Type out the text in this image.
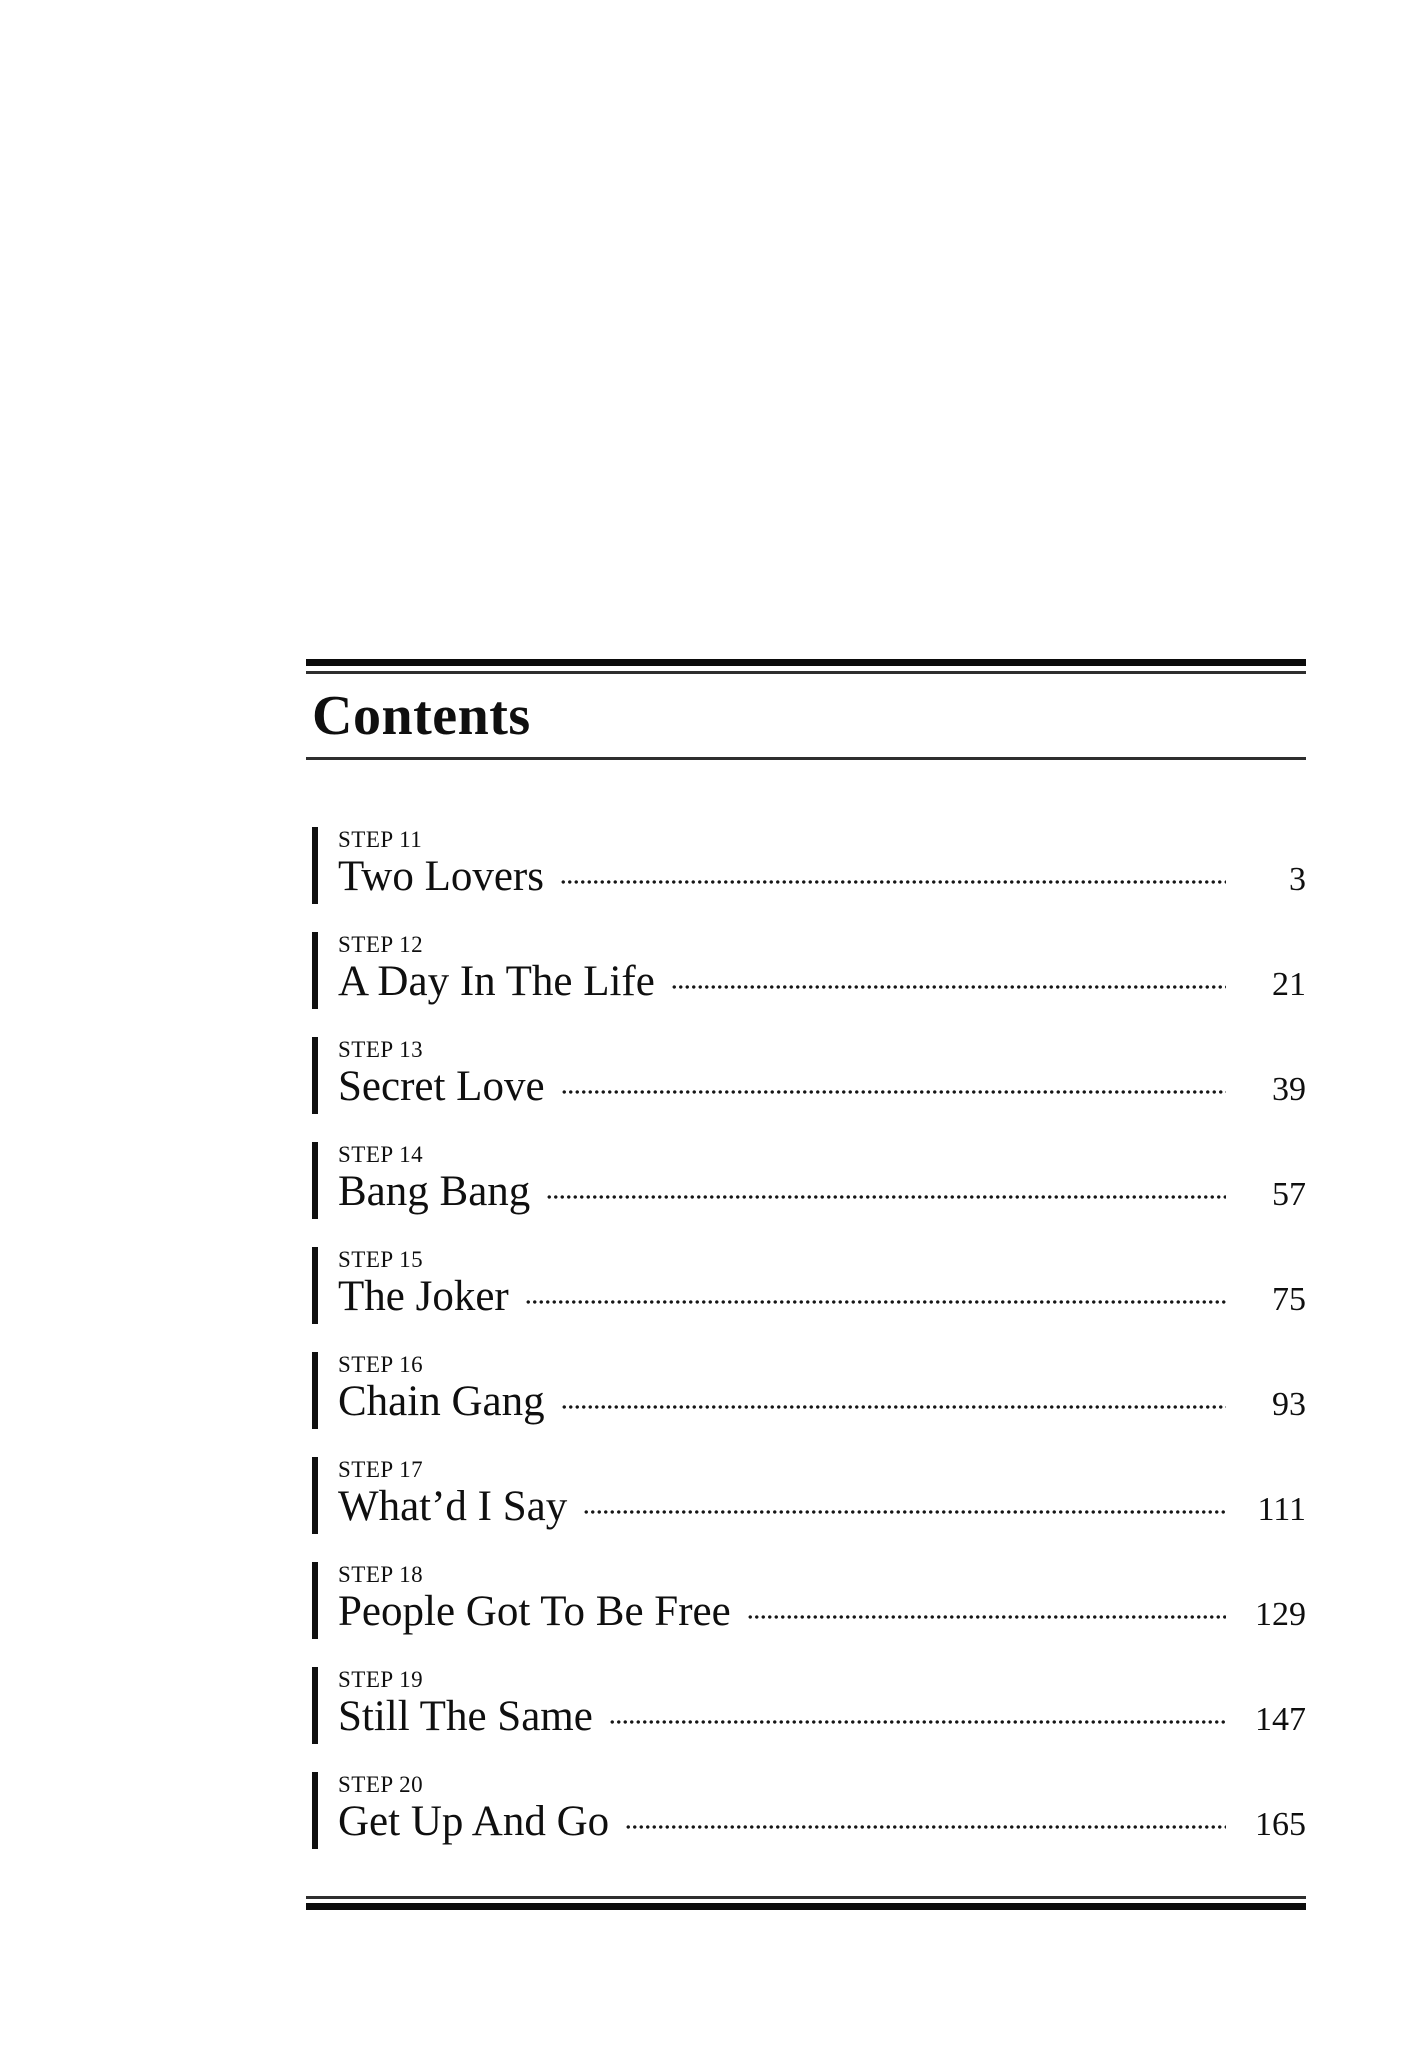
Contents
STEP 11
Two Lovers	3
STEP 12
A Day In The Life	21
STEP 13
Secret Love	39
STEP 14
Bang Bang	57
STEP 15
The Joker	75
STEP 16
Chain Gang	93
STEP 17
What’d I Say	111
STEP 18
People Got To Be Free	129
STEP 19
Still The Same	147
STEP 20
Get Up And Go	165
